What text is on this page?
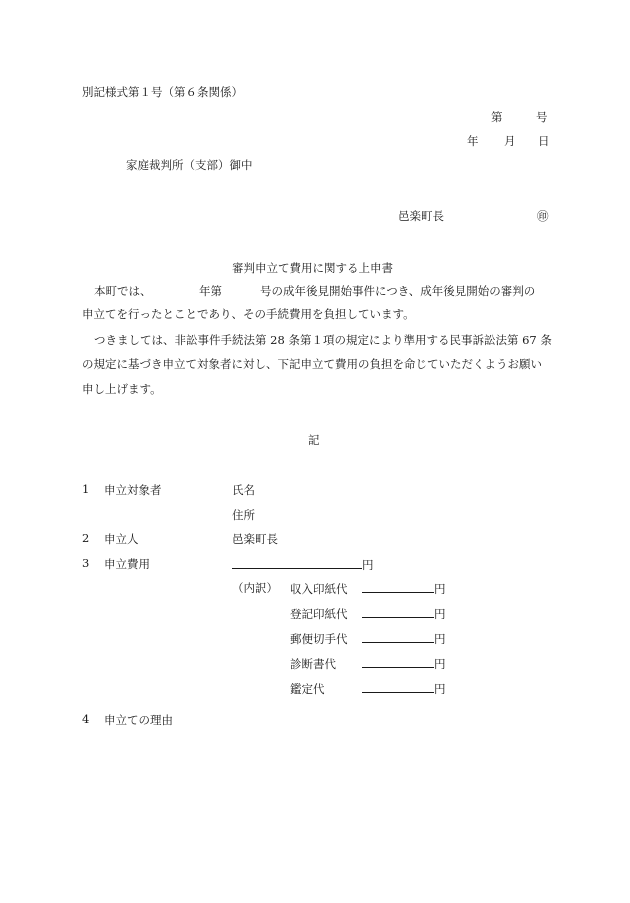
別記様式第１号（第６条関係）
第	号
年 月 日
家庭裁判所（支部）御中
邑楽町長	㊞
審判申立て費用に関する上申書
本町では、	年第	号の成年後見開始事件につき、成年後見開始の審判の
申立てを行ったとことであり、その手続費用を負担しています。
つきましては、非訟事件手続法第 28 条第１項の規定により準用する民事訴訟法第 67 条
の規定に基づき申立て対象者に対し、下記申立て費用の負担を命じていただくようお願い
申し上げます。
記
1 申立対象者	氏名
住所
2 申立人	邑楽町長
3 申立費用	円
（内訳） 収入印紙代	円
登記印紙代	円
郵便切手代	円
診断書代	円
鑑定代	円
4 申立ての理由
